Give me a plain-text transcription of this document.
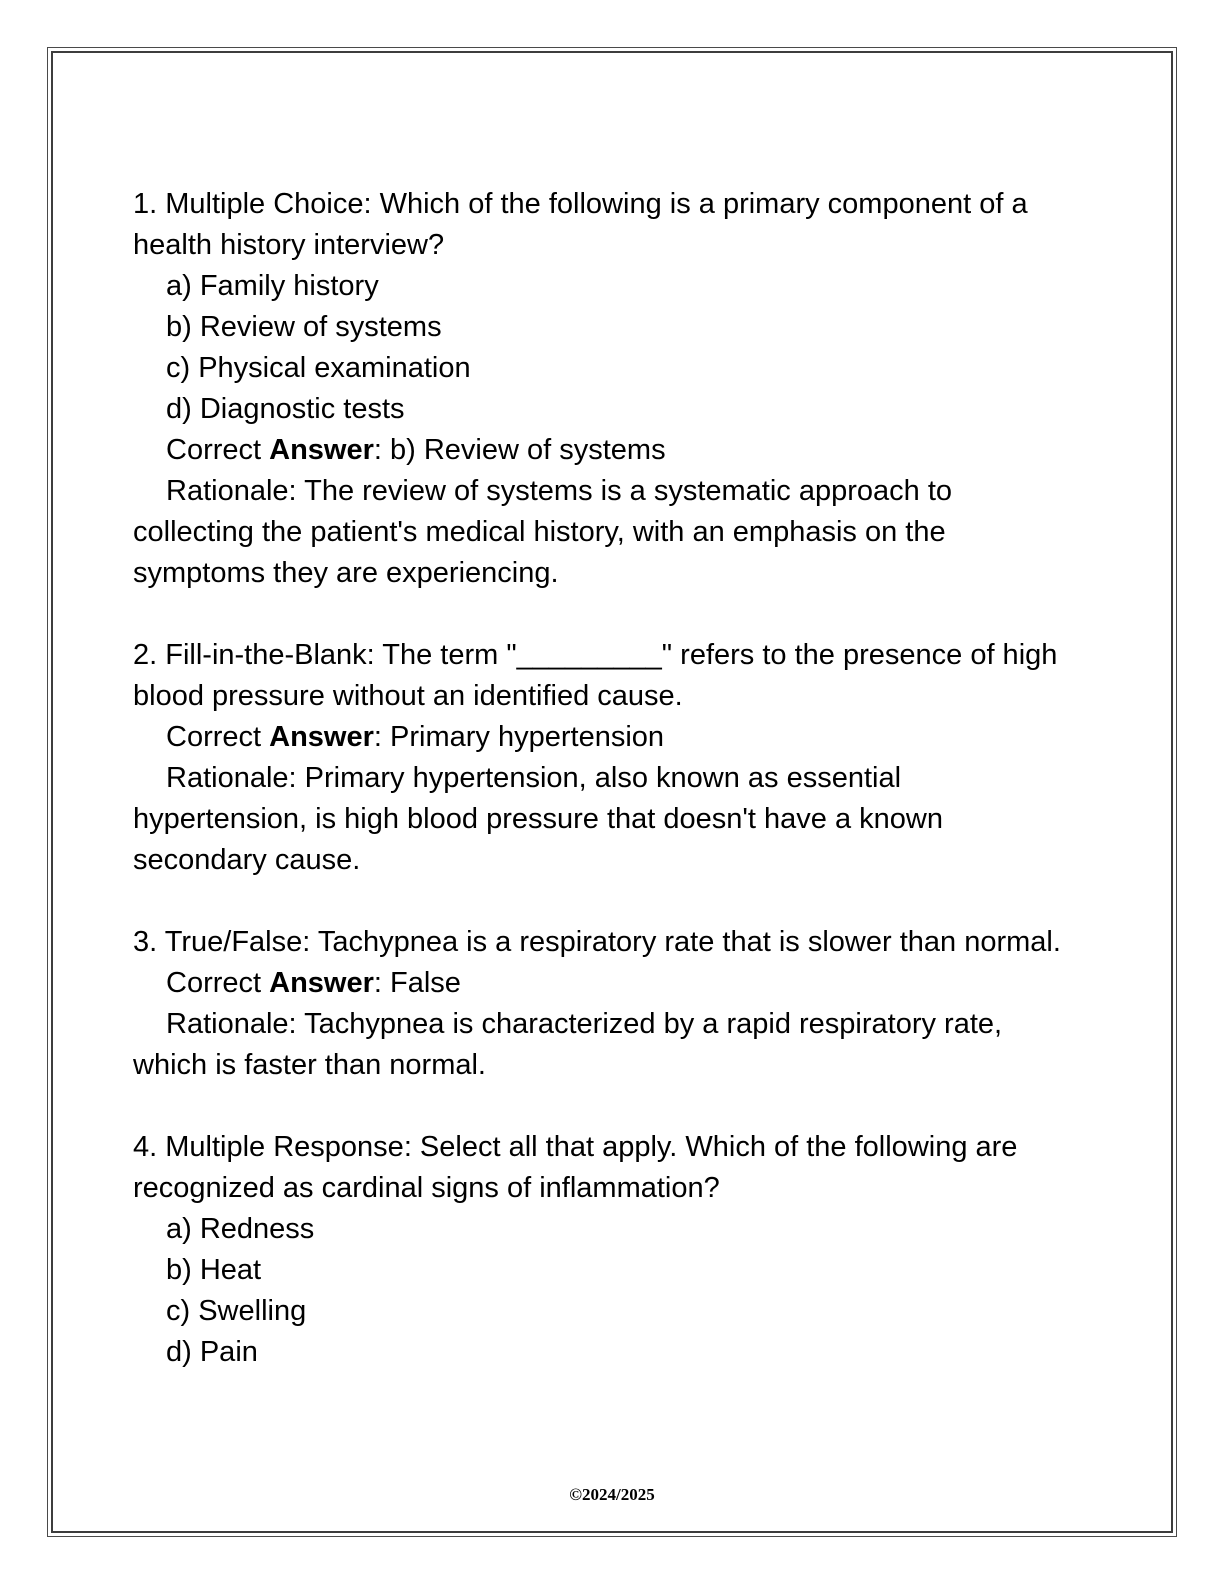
1. Multiple Choice: Which of the following is a primary component of a health history interview?

a) Family history

b) Review of systems

c) Physical examination

d) Diagnostic tests

Correct Answer: b) Review of systems

Rationale: The review of systems is a systematic approach to collecting the patient's medical history, with an emphasis on the symptoms they are experiencing.

2. Fill-in-the-Blank: The term "_________" refers to the presence of high blood pressure without an identified cause.

Correct Answer: Primary hypertension

Rationale: Primary hypertension, also known as essential hypertension, is high blood pressure that doesn't have a known secondary cause.

3. True/False: Tachypnea is a respiratory rate that is slower than normal.

Correct Answer: False

Rationale: Tachypnea is characterized by a rapid respiratory rate, which is faster than normal.

4. Multiple Response: Select all that apply. Which of the following are recognized as cardinal signs of inflammation?

a) Redness

b) Heat

c) Swelling

d) Pain

©2024/2025
